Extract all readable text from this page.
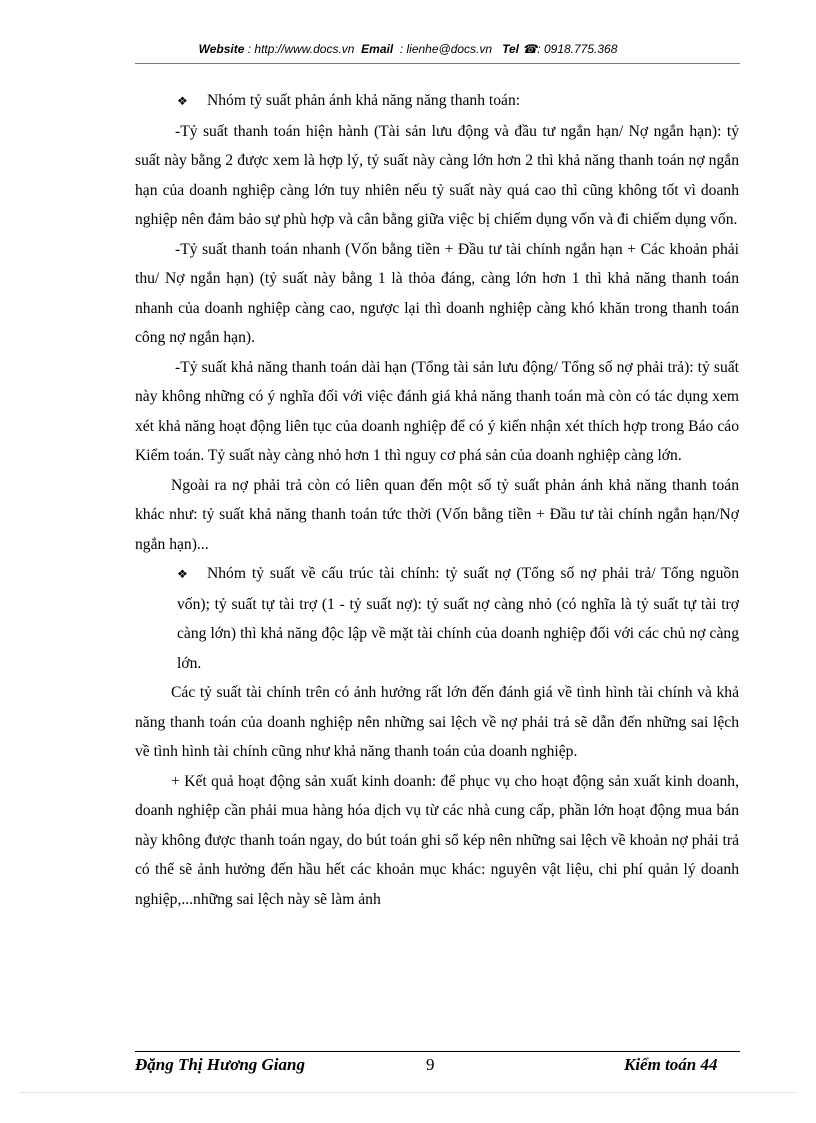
Website : http://www.docs.vn Email  : lienhe@docs.vn Tel ☎: 0918.775.368

❖ Nhóm tỷ suất phản ánh khả năng năng thanh toán:

-Tỷ suất thanh toán hiện hành (Tài sản lưu động và đầu tư ngắn hạn/ Nợ ngắn hạn): tỷ suất này bằng 2 được xem là hợp lý, tỷ suất này càng lớn hơn 2 thì khả năng thanh toán nợ ngắn hạn của doanh nghiệp càng lớn tuy nhiên nếu tỷ suất này quá cao thì cũng không tốt vì doanh nghiệp nên đảm bảo sự phù hợp và cân bằng giữa việc bị chiếm dụng vốn và đi chiếm dụng vốn.

-Tỷ suất thanh toán nhanh (Vốn bằng tiền + Đầu tư tài chính ngắn hạn + Các khoản phải thu/ Nợ ngắn hạn) (tỷ suất này bằng 1 là thỏa đáng, càng lớn hơn 1 thì khả năng thanh toán nhanh của doanh nghiệp càng cao, ngược lại thì doanh nghiệp càng khó khăn trong thanh toán công nợ ngắn hạn).

-Tỷ suất khả năng thanh toán dài hạn (Tổng tài sản lưu động/ Tổng số nợ phải trả): tỷ suất này không những có ý nghĩa đối với việc đánh giá khả năng thanh toán mà còn có tác dụng xem xét khả năng hoạt động liên tục của doanh nghiệp để có ý kiến nhận xét thích hợp trong Báo cáo Kiểm toán. Tỷ suất này càng nhỏ hơn 1 thì nguy cơ phá sản của doanh nghiệp càng lớn.

Ngoài ra nợ phải trả còn có liên quan đến một số tỷ suất phản ánh khả năng thanh toán khác như: tỷ suất khả năng thanh toán tức thời (Vốn bằng tiền + Đầu tư tài chính ngắn hạn/Nợ ngắn hạn)...

❖ Nhóm tỷ suất về cấu trúc tài chính: tỷ suất nợ (Tổng số nợ phải trả/ Tổng nguồn vốn); tỷ suất tự tài trợ (1 - tỷ suất nợ): tỷ suất nợ càng nhỏ (có nghĩa là tỷ suất tự tài trợ càng lớn) thì khả năng độc lập về mặt tài chính của doanh nghiệp đối với các chủ nợ càng lớn.

Các tỷ suất tài chính trên có ảnh hưởng rất lớn đến đánh giá về tình hình tài chính và khả năng thanh toán của doanh nghiệp nên những sai lệch về nợ phải trả sẽ dẫn đến những sai lệch về tình hình tài chính cũng như khả năng thanh toán của doanh nghiệp.

+ Kết quả hoạt động sản xuất kinh doanh: để phục vụ cho hoạt động sản xuất kinh doanh, doanh nghiệp cần phải mua hàng hóa dịch vụ từ các nhà cung cấp, phần lớn hoạt động mua bán này không được thanh toán ngay, do bút toán ghi sổ kép nên những sai lệch về khoản nợ phải trả có thể sẽ ảnh hưởng đến hầu hết các khoản mục khác: nguyên vật liệu, chi phí quản lý doanh nghiệp,...những sai lệch này sẽ làm ảnh

Đặng Thị Hương Giang	9	Kiểm toán 44
